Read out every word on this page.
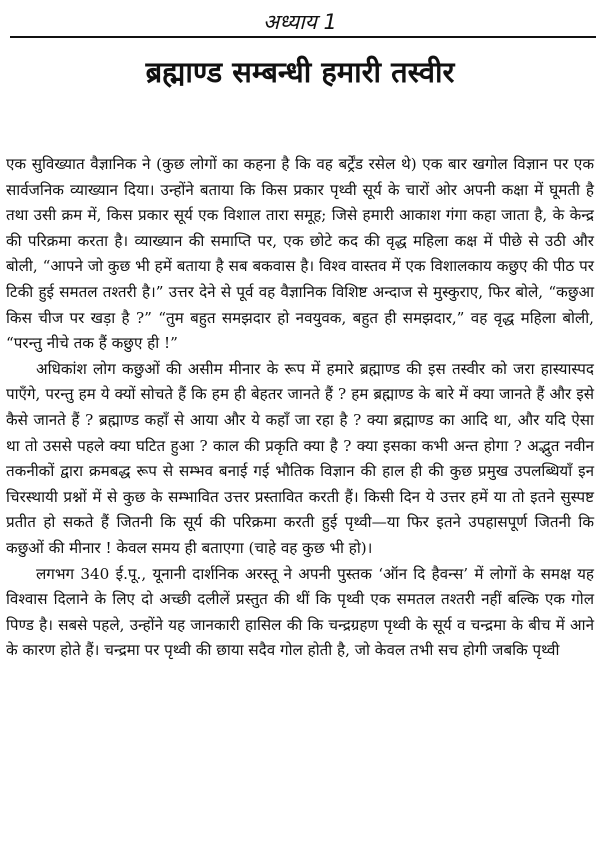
अध्याय 1
ब्रह्माण्ड सम्बन्धी हमारी तस्वीर

एक सुविख्यात वैज्ञानिक ने (कुछ लोगों का कहना है कि वह बर्ट्रेंड रसेल थे) एक बार खगोल विज्ञान पर एक सार्वजनिक व्याख्यान दिया। उन्होंने बताया कि किस प्रकार पृथ्वी सूर्य के चारों ओर अपनी कक्षा में घूमती है तथा उसी क्रम में, किस प्रकार सूर्य एक विशाल तारा समूह; जिसे हमारी आकाश गंगा कहा जाता है, के केन्द्र की परिक्रमा करता है। व्याख्यान की समाप्ति पर, एक छोटे कद की वृद्ध महिला कक्ष में पीछे से उठी और बोली, “आपने जो कुछ भी हमें बताया है सब बकवास है। विश्व वास्तव में एक विशालकाय कछुए की पीठ पर टिकी हुई समतल तश्तरी है।” उत्तर देने से पूर्व वह वैज्ञानिक विशिष्ट अन्दाज से मुस्कुराए, फिर बोले, “कछुआ किस चीज पर खड़ा है ?” “तुम बहुत समझदार हो नवयुवक, बहुत ही समझदार,” वह वृद्ध महिला बोली, “परन्तु नीचे तक हैं कछुए ही !”

अधिकांश लोग कछुओं की असीम मीनार के रूप में हमारे ब्रह्माण्ड की इस तस्वीर को जरा हास्यास्पद पाएँगे, परन्तु हम ये क्यों सोचते हैं कि हम ही बेहतर जानते हैं ? हम ब्रह्माण्ड के बारे में क्या जानते हैं और इसे कैसे जानते हैं ? ब्रह्माण्ड कहाँ से आया और ये कहाँ जा रहा है ? क्या ब्रह्माण्ड का आदि था, और यदि ऐसा था तो उससे पहले क्या घटित हुआ ? काल की प्रकृति क्या है ? क्या इसका कभी अन्त होगा ? अद्भुत नवीन तकनीकों द्वारा क्रमबद्ध रूप से सम्भव बनाई गई भौतिक विज्ञान की हाल ही की कुछ प्रमुख उपलब्धियाँ इन चिरस्थायी प्रश्नों में से कुछ के सम्भावित उत्तर प्रस्तावित करती हैं। किसी दिन ये उत्तर हमें या तो इतने सुस्पष्ट प्रतीत हो सकते हैं जितनी कि सूर्य की परिक्रमा करती हुई पृथ्वी—या फिर इतने उपहासपूर्ण जितनी कि कछुओं की मीनार ! केवल समय ही बताएगा (चाहे वह कुछ भी हो)।

लगभग 340 ई.पू., यूनानी दार्शनिक अरस्तू ने अपनी पुस्तक ‘ऑन दि हैवन्स’ में लोगों के समक्ष यह विश्वास दिलाने के लिए दो अच्छी दलीलें प्रस्तुत की थीं कि पृथ्वी एक समतल तश्तरी नहीं बल्कि एक गोल पिण्ड है। सबसे पहले, उन्होंने यह जानकारी हासिल की कि चन्द्रग्रहण पृथ्वी के सूर्य व चन्द्रमा के बीच में आने के कारण होते हैं। चन्द्रमा पर पृथ्वी की छाया सदैव गोल होती है, जो केवल तभी सच होगी जबकि पृथ्वी
